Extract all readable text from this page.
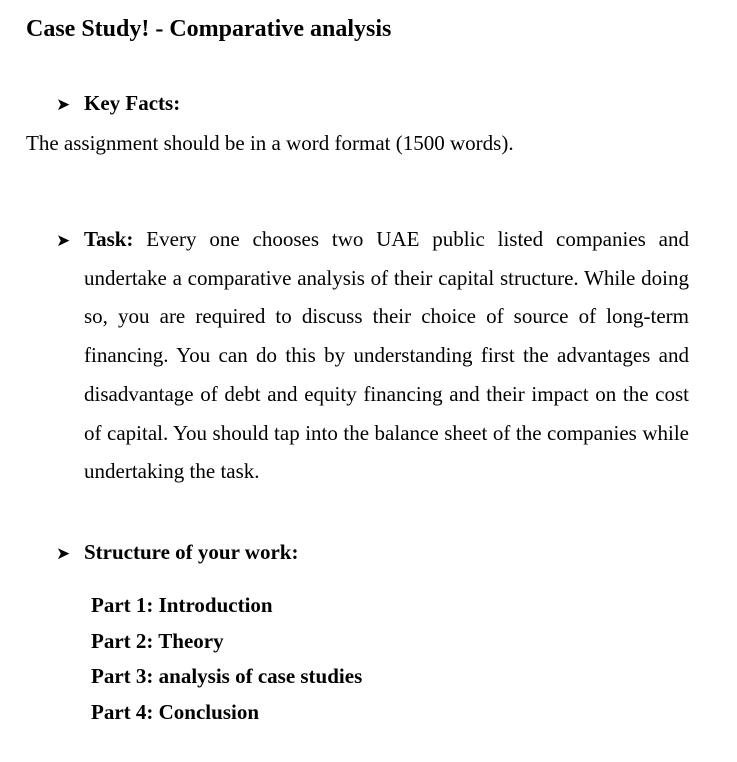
Case Study! - Comparative analysis
➤ Key Facts:
The assignment should be in a word format (1500 words).
➤ Task: Every one chooses two UAE public listed companies and undertake a comparative analysis of their capital structure. While doing so, you are required to discuss their choice of source of long-term financing. You can do this by understanding first the advantages and disadvantage of debt and equity financing and their impact on the cost of capital. You should tap into the balance sheet of the companies while undertaking the task.

➤ Structure of your work:
Part 1: Introduction
Part 2: Theory
Part 3: analysis of case studies
Part 4: Conclusion
